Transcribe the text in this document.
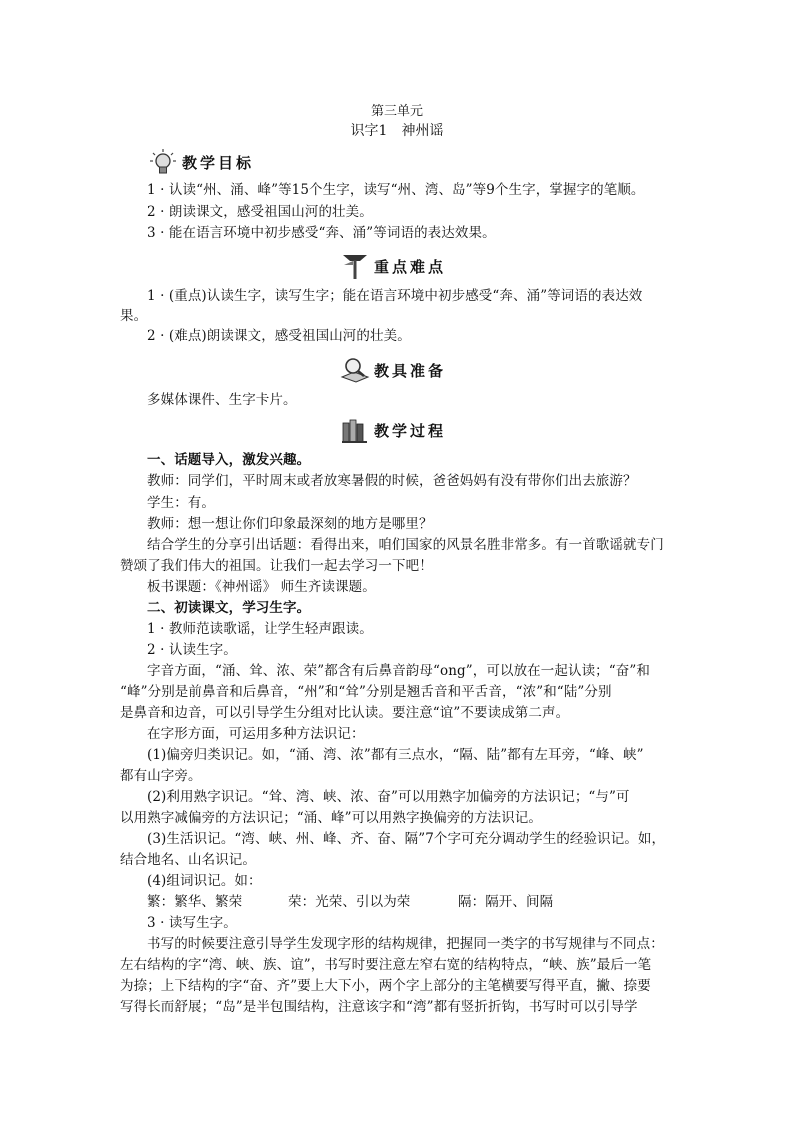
第三单元
识字1　神州谣
教学目标
1 · 认读“州、涌、峰”等15个生字，读写“州、湾、岛”等9个生字，掌握字的笔顺。
2 · 朗读课文，感受祖国山河的壮美。
3 · 能在语言环境中初步感受“奔、涌”等词语的表达效果。
重点难点
1 · (重点)认读生字，读写生字；能在语言环境中初步感受“奔、涌”等词语的表达效
果。
2 · (难点)朗读课文，感受祖国山河的壮美。
教具准备
多媒体课件、生字卡片。
教学过程
一、话题导入，激发兴趣。
教师：同学们，平时周末或者放寒暑假的时候，爸爸妈妈有没有带你们出去旅游？
学生：有。
教师：想一想让你们印象最深刻的地方是哪里？
结合学生的分享引出话题：看得出来，咱们国家的风景名胜非常多。有一首歌谣就专门
赞颂了我们伟大的祖国。让我们一起去学习一下吧！
板书课题：《神州谣》 师生齐读课题。
二、初读课文，学习生字。
1 · 教师范读歌谣，让学生轻声跟读。
2 · 认读生字。
字音方面，“涌、耸、浓、荣”都含有后鼻音韵母“ong”，可以放在一起认读；“奋”和
“峰”分别是前鼻音和后鼻音，“州”和“耸”分别是翘舌音和平舌音，“浓”和“陆”分别
是鼻音和边音，可以引导学生分组对比认读。要注意“谊”不要读成第二声。
在字形方面，可运用多种方法识记：
(1)偏旁归类识记。如，“涌、湾、浓”都有三点水，“隔、陆”都有左耳旁，“峰、峡”
都有山字旁。
(2)利用熟字识记。“耸、湾、峡、浓、奋”可以用熟字加偏旁的方法识记；“与”可
以用熟字减偏旁的方法识记；“涌、峰”可以用熟字换偏旁的方法识记。
(3)生活识记。“湾、峡、州、峰、齐、奋、隔”7个字可充分调动学生的经验识记。如，
结合地名、山名识记。
(4)组词识记。如：
繁：繁华、繁荣	荣：光荣、引以为荣	隔：隔开、间隔
3 · 读写生字。
书写的时候要注意引导学生发现字形的结构规律，把握同一类字的书写规律与不同点：
左右结构的字“湾、峡、族、谊”，书写时要注意左窄右宽的结构特点，“峡、族”最后一笔
为捺；上下结构的字“奋、齐”要上大下小，两个字上部分的主笔横要写得平直，撇、捺要
写得长而舒展；“岛”是半包围结构，注意该字和“湾”都有竖折折钩，书写时可以引导学
